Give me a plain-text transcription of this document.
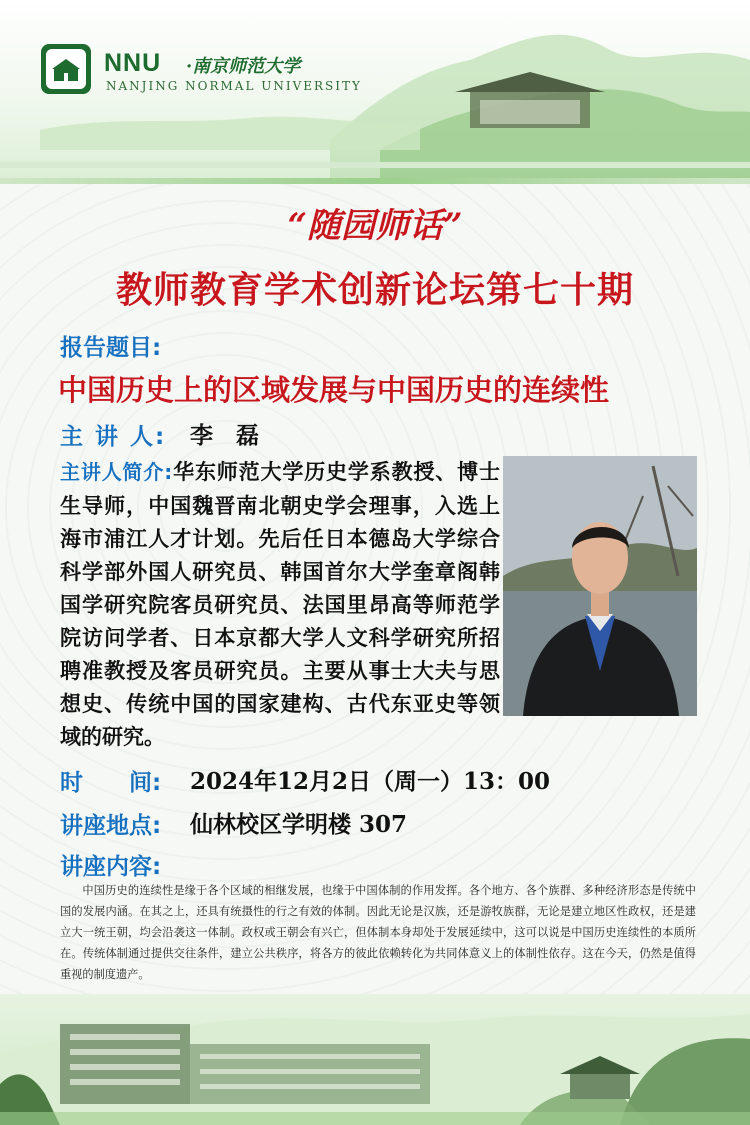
NNU ·南京师范大学
NANJING NORMAL UNIVERSITY
“随园师话”
教师教育学术创新论坛第七十期
报告题目:
中国历史上的区域发展与中国历史的连续性
主 讲 人: 李　磊
主讲人简介:华东师范大学历史学系教授、博士生导师，中国魏晋南北朝史学会理事，入选上海市浦江人才计划。先后任日本德岛大学综合科学部外国人研究员、韩国首尔大学奎章阁韩国学研究院客员研究员、法国里昂高等师范学院访问学者、日本京都大学人文科学研究所招聘准教授及客员研究员。主要从事士大夫与思想史、传统中国的国家建构、古代东亚史等领域的研究。
时　　间: 2024年12月2日（周一）13：00
讲座地点: 仙林校区学明楼 307
讲座内容:
中国历史的连续性是缘于各个区域的相继发展，也缘于中国体制的作用发挥。各个地方、各个族群、多种经济形态是传统中国的发展内涵。在其之上，还具有统摄性的行之有效的体制。因此无论是汉族，还是游牧族群，无论是建立地区性政权，还是建立大一统王朝，均会沿袭这一体制。政权或王朝会有兴亡，但体制本身却处于发展延续中，这可以说是中国历史连续性的本质所在。传统体制通过提供交往条件，建立公共秩序，将各方的彼此依赖转化为共同体意义上的体制性依存。这在今天，仍然是值得重视的制度遗产。
